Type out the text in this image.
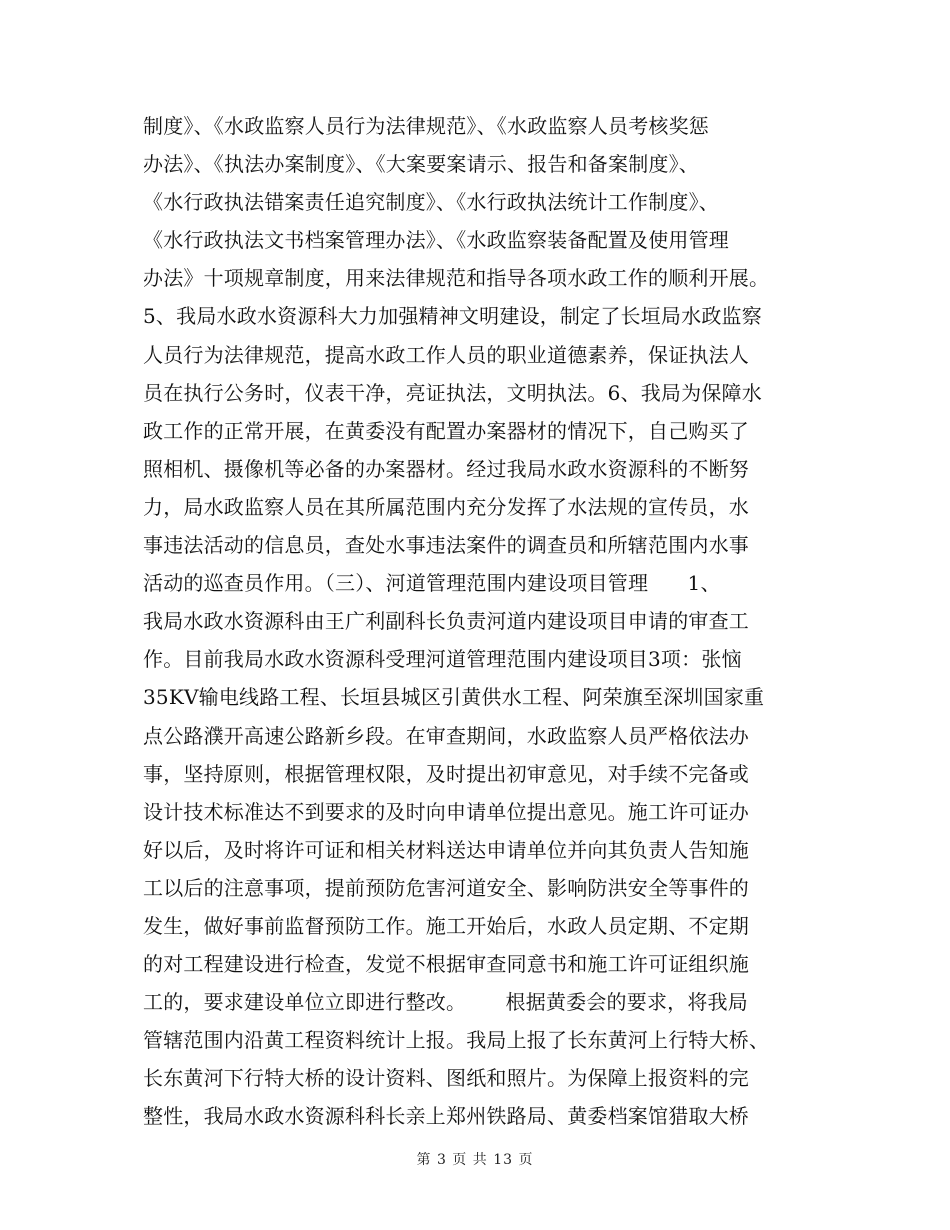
制度》、《水政监察人员行为法律规范》、《水政监察人员考核奖惩
办法》、《执法办案制度》、《大案要案请示、报告和备案制度》、
《水行政执法错案责任追究制度》、《水行政执法统计工作制度》、
《水行政执法文书档案管理办法》、《水政监察装备配置及使用管理
办法》十项规章制度，用来法律规范和指导各项水政工作的顺利开展。
5、我局水政水资源科大力加强精神文明建设，制定了长垣局水政监察
人员行为法律规范，提高水政工作人员的职业道德素养，保证执法人
员在执行公务时，仪表干净，亮证执法，文明执法。6、我局为保障水
政工作的正常开展，在黄委没有配置办案器材的情况下，自己购买了
照相机、摄像机等必备的办案器材。经过我局水政水资源科的不断努
力，局水政监察人员在其所属范围内充分发挥了水法规的宣传员，水
事违法活动的信息员，查处水事违法案件的调查员和所辖范围内水事
活动的巡查员作用。（三）、河道管理范围内建设项目管理      1、
我局水政水资源科由王广利副科长负责河道内建设项目申请的审查工
作。目前我局水政水资源科受理河道管理范围内建设项目3项：张恼
35KV输电线路工程、长垣县城区引黄供水工程、阿荣旗至深圳国家重
点公路濮开高速公路新乡段。在审查期间，水政监察人员严格依法办
事，坚持原则，根据管理权限，及时提出初审意见，对手续不完备或
设计技术标准达不到要求的及时向申请单位提出意见。施工许可证办
好以后，及时将许可证和相关材料送达申请单位并向其负责人告知施
工以后的注意事项，提前预防危害河道安全、影响防洪安全等事件的
发生，做好事前监督预防工作。施工开始后，水政人员定期、不定期
的对工程建设进行检查，发觉不根据审查同意书和施工许可证组织施
工的，要求建设单位立即进行整改。      根据黄委会的要求，将我局
管辖范围内沿黄工程资料统计上报。我局上报了长东黄河上行特大桥、
长东黄河下行特大桥的设计资料、图纸和照片。为保障上报资料的完
整性，我局水政水资源科科长亲上郑州铁路局、黄委档案馆猎取大桥
第 3 页 共 13 页
